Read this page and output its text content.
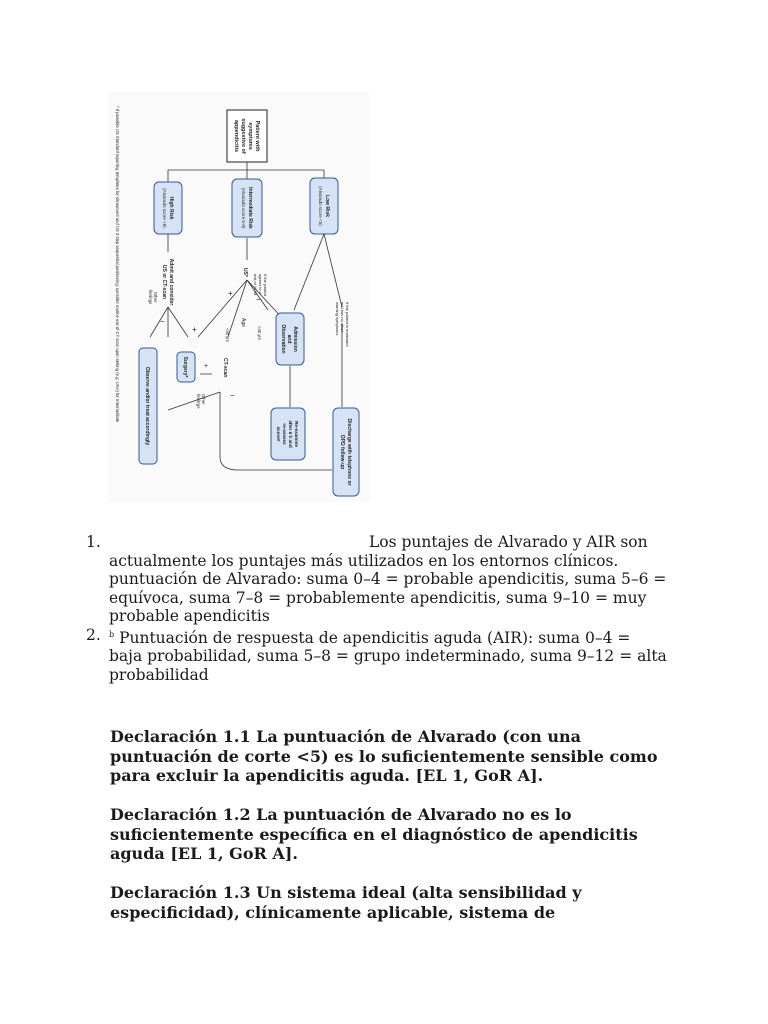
* If possible US Standard reporting templates for ultrasound and US 3 step sequential positioning; consider routine use of CT scan upon setting (e.g. USA) for Intermediate	Patient with
symptoms
suggestive of
appendicitis
High Risk
(Alvarado score >8)	Intermediate Risk
(Alvarado score 5-8)	Low Risk
(Alvarado score <5)
Admit and consider
US or CT-scan
Other
findings
+
−
Observe and/or treat accordingly	Surgery*
US*
+
−
If the patient
agrees to a
trial of NOM
Age
<40 yrs	>40 yrs
CT-scan
+
−
Other
findings
If the patient is motivated
and has no other
warning symptoms
Admission
and
Observation
Re-examine
after 6 h and
re-assess
score#	Discharge with telephone or
OPD follow-up
1.	Los puntajes de Alvarado y AIR son actualmente los puntajes más utilizados en los entornos clínicos. puntuación de Alvarado: suma 0–4 = probable apendicitis, suma 5–6 = equívoca, suma 7–8 = probablemente apendicitis, suma 9–10 = muy probable apendicitis
2. $^b$ Puntuación de respuesta de apendicitis aguda (AIR): suma 0–4 = baja probabilidad, suma 5–8 = grupo indeterminado, suma 9–12 = alta probabilidad

Declaración 1.1 La puntuación de Alvarado (con una puntuación de corte <5) es lo suficientemente sensible como para excluir la apendicitis aguda. [EL 1, GoR A].

Declaración 1.2 La puntuación de Alvarado no es lo suficientemente específica en el diagnóstico de apendicitis aguda [EL 1, GoR A].

Declaración 1.3 Un sistema ideal (alta sensibilidad y especificidad), clínicamente aplicable, sistema de
